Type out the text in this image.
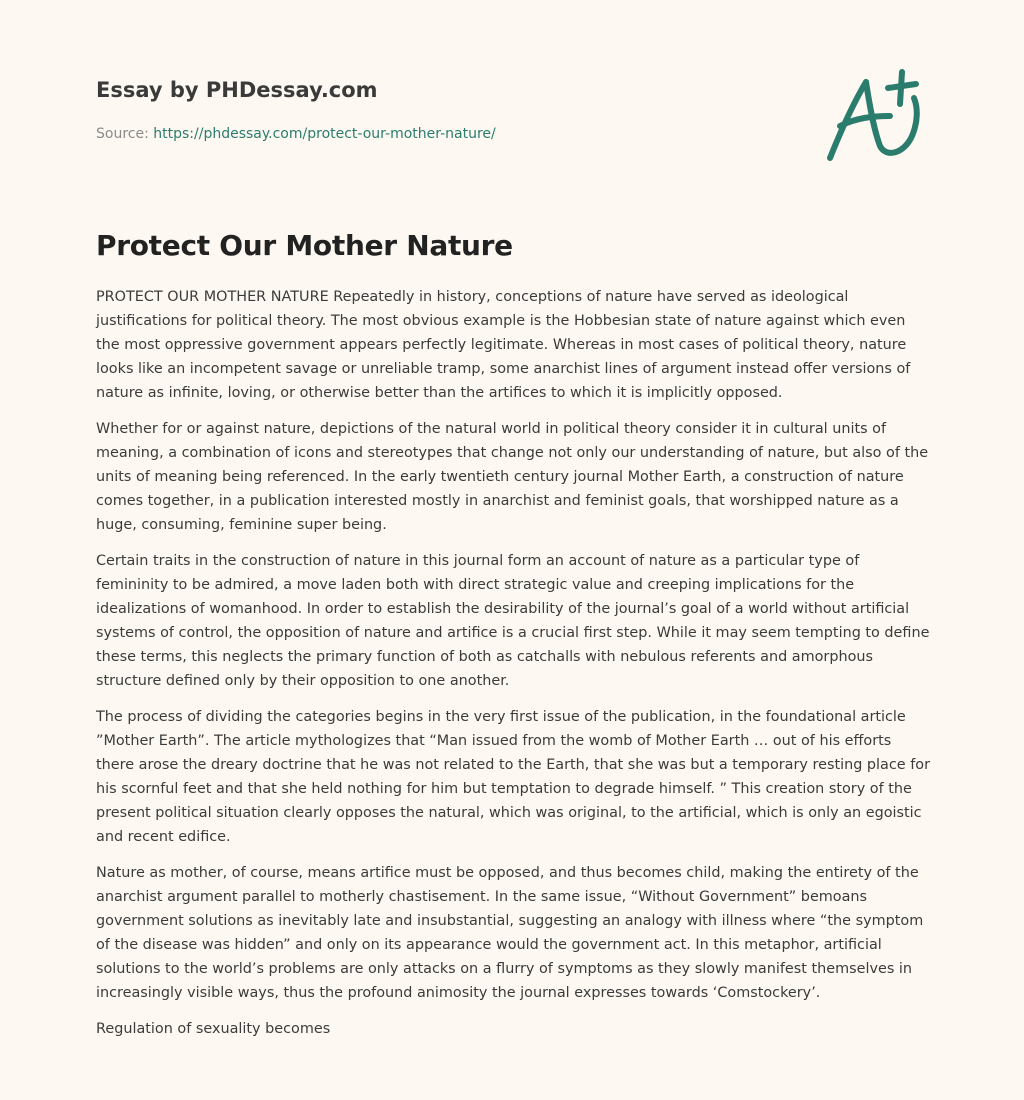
Essay by PHDessay.com
Source: https://phdessay.com/protect-our-mother-nature/
Protect Our Mother Nature

PROTECT OUR MOTHER NATURE Repeatedly in history, conceptions of nature have served as ideological justifications for political theory. The most obvious example is the Hobbesian state of nature against which even the most oppressive government appears perfectly legitimate. Whereas in most cases of political theory, nature looks like an incompetent savage or unreliable tramp, some anarchist lines of argument instead offer versions of nature as infinite, loving, or otherwise better than the artifices to which it is implicitly opposed.

Whether for or against nature, depictions of the natural world in political theory consider it in cultural units of meaning, a combination of icons and stereotypes that change not only our understanding of nature, but also of the units of meaning being referenced. In the early twentieth century journal Mother Earth, a construction of nature comes together, in a publication interested mostly in anarchist and feminist goals, that worshipped nature as a huge, consuming, feminine super being.

Certain traits in the construction of nature in this journal form an account of nature as a particular type of femininity to be admired, a move laden both with direct strategic value and creeping implications for the idealizations of womanhood. In order to establish the desirability of the journal’s goal of a world without artificial systems of control, the opposition of nature and artifice is a crucial first step. While it may seem tempting to define these terms, this neglects the primary function of both as catchalls with nebulous referents and amorphous structure defined only by their opposition to one another.

The process of dividing the categories begins in the very first issue of the publication, in the foundational article ”Mother Earth”. The article mythologizes that “Man issued from the womb of Mother Earth … out of his efforts there arose the dreary doctrine that he was not related to the Earth, that she was but a temporary resting place for his scornful feet and that she held nothing for him but temptation to degrade himself. ” This creation story of the present political situation clearly opposes the natural, which was original, to the artificial, which is only an egoistic and recent edifice.

Nature as mother, of course, means artifice must be opposed, and thus becomes child, making the entirety of the anarchist argument parallel to motherly chastisement. In the same issue, “Without Government” bemoans government solutions as inevitably late and insubstantial, suggesting an analogy with illness where “the symptom of the disease was hidden” and only on its appearance would the government act. In this metaphor, artificial solutions to the world’s problems are only attacks on a flurry of symptoms as they slowly manifest themselves in increasingly visible ways, thus the profound animosity the journal expresses towards ‘Comstockery’.

Regulation of sexuality becomes
